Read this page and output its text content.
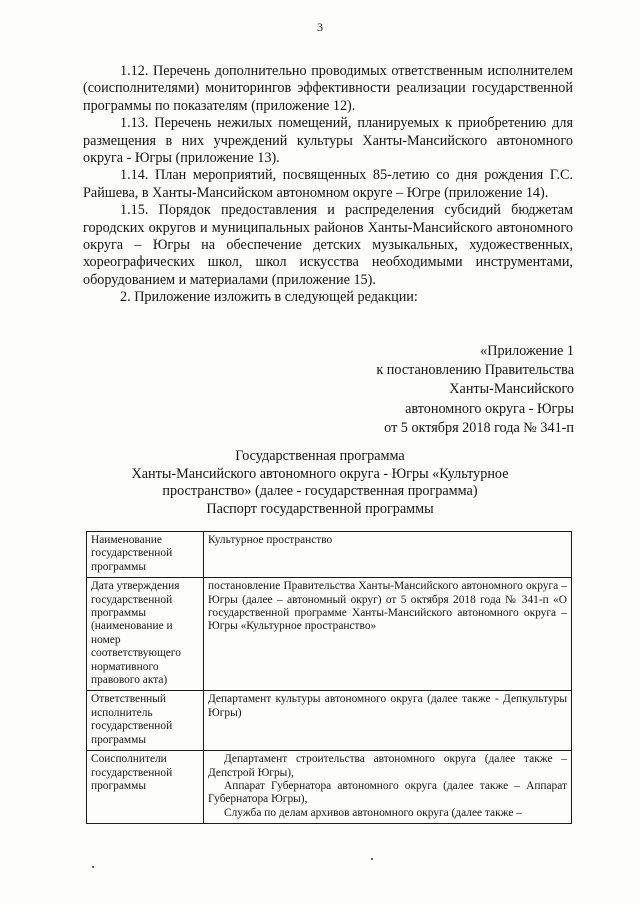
3

1.12. Перечень дополнительно проводимых ответственным исполнителем (соисполнителями) мониторингов эффективности реализации государственной программы по показателям (приложение 12).

1.13. Перечень нежилых помещений, планируемых к приобретению для размещения в них учреждений культуры Ханты-Мансийского автономного округа - Югры (приложение 13).

1.14. План мероприятий, посвященных 85-летию со дня рождения Г.С. Райшева, в Ханты-Мансийском автономном округе – Югре (приложение 14).

1.15. Порядок предоставления и распределения субсидий бюджетам городских округов и муниципальных районов Ханты-Мансийского автономного округа – Югры на обеспечение детских музыкальных, художественных, хореографических школ, школ искусства необходимыми инструментами, оборудованием и материалами (приложение 15).

2. Приложение изложить в следующей редакции:

«Приложение 1
к постановлению Правительства
Ханты-Мансийского
автономного округа - Югры
от 5 октября 2018 года № 341-п
Государственная программа
Ханты-Мансийского автономного округа - Югры «Культурное
пространство» (далее - государственная программа)
Паспорт государственной программы
Наименование государственной программы	Культурное пространство
Дата утверждения государственной программы (наименование и номер соответствующего нормативного правового акта)	постановление Правительства Ханты-Мансийского автономного округа – Югры (далее – автономный округ) от 5 октября 2018 года № 341-п «О государственной программе Ханты-Мансийского автономного округа – Югры «Культурное пространство»
Ответственный исполнитель государственной программы	Департамент культуры автономного округа (далее также - Депкультуры Югры)
Соисполнители государственной программы	Департамент строительства автономного округа (далее также – Депстрой Югры),
Аппарат Губернатора автономного округа (далее также – Аппарат Губернатора Югры),
Служба по делам архивов автономного округа (далее также –
